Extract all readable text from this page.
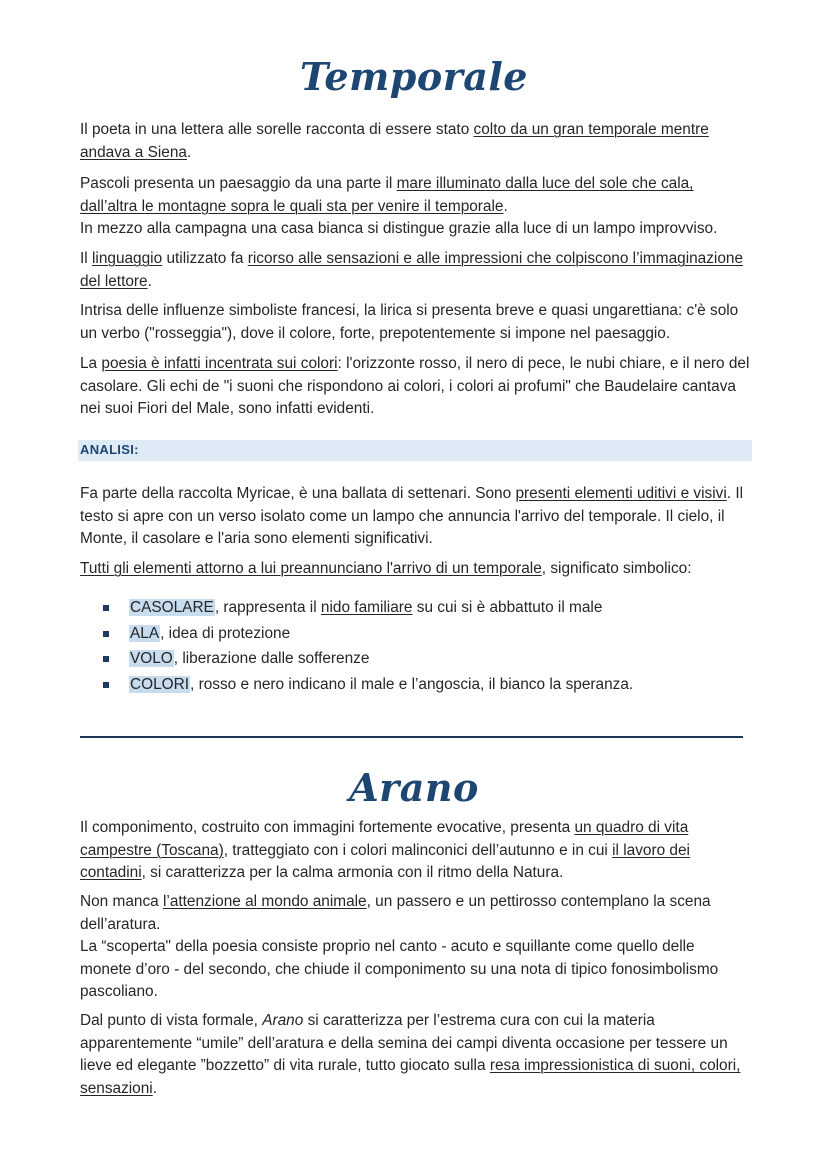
Temporale

Il poeta in una lettera alle sorelle racconta di essere stato colto da un gran temporale mentre andava a Siena.

Pascoli presenta un paesaggio da una parte il mare illuminato dalla luce del sole che cala, dall’altra le montagne sopra le quali sta per venire il temporale.
In mezzo alla campagna una casa bianca si distingue grazie alla luce di un lampo improvviso.

Il linguaggio utilizzato fa ricorso alle sensazioni e alle impressioni che colpiscono l’immaginazione del lettore.

Intrisa delle influenze simboliste francesi, la lirica si presenta breve e quasi ungarettiana: c'è solo un verbo ("rosseggia"), dove il colore, forte, prepotentemente si impone nel paesaggio.

La poesia è infatti incentrata sui colori: l'orizzonte rosso, il nero di pece, le nubi chiare, e il nero del casolare. Gli echi de "i suoni che rispondono ai colori, i colori ai profumi" che Baudelaire cantava nei suoi Fiori del Male, sono infatti evidenti.

ANALISI:

Fa parte della raccolta Myricae, è una ballata di settenari. Sono presenti elementi uditivi e visivi. Il testo si apre con un verso isolato come un lampo che annuncia l'arrivo del temporale. Il cielo, il Monte, il casolare e l'aria sono elementi significativi.

Tutti gli elementi attorno a lui preannunciano l'arrivo di un temporale, significato simbolico:

CASOLARE, rappresenta il nido familiare su cui si è abbattuto il male
ALA, idea di protezione
VOLO, liberazione dalle sofferenze
COLORI, rosso e nero indicano il male e l’angoscia, il bianco la speranza.
Arano

Il componimento, costruito con immagini fortemente evocative, presenta un quadro di vita campestre (Toscana), tratteggiato con i colori malinconici dell’autunno e in cui il lavoro dei contadini, si caratterizza per la calma armonia con il ritmo della Natura.

Non manca l’attenzione al mondo animale, un passero e un pettirosso contemplano la scena dell’aratura.
La “scoperta" della poesia consiste proprio nel canto - acuto e squillante come quello delle monete d’oro - del secondo, che chiude il componimento su una nota di tipico fonosimbolismo pascoliano.

Dal punto di vista formale, Arano si caratterizza per l’estrema cura con cui la materia apparentemente “umile” dell’aratura e della semina dei campi diventa occasione per tessere un lieve ed elegante ”bozzetto” di vita rurale, tutto giocato sulla resa impressionistica di suoni, colori, sensazioni.
